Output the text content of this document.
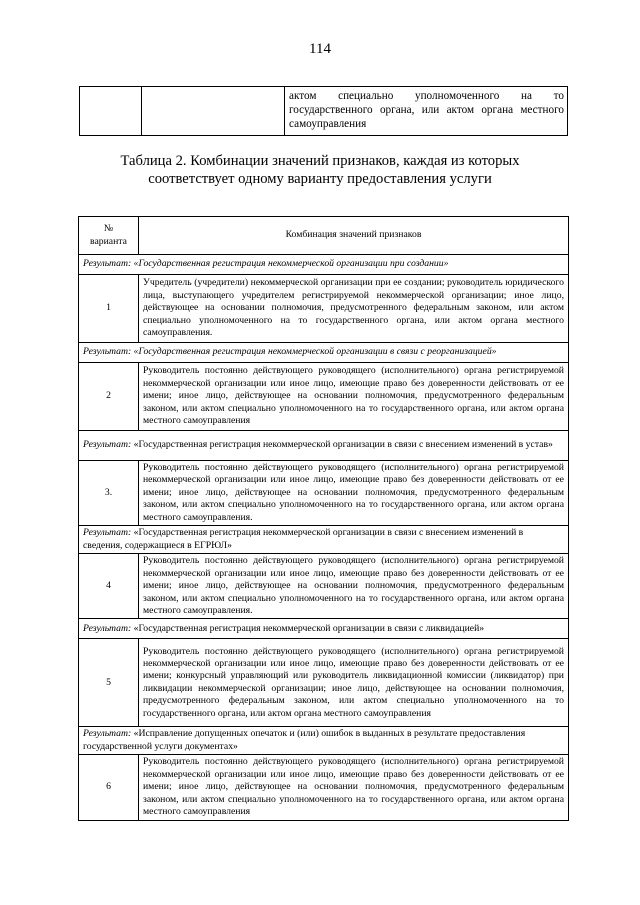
114

актом специально уполномоченного на то государственного органа, или актом органа местного самоуправления
Таблица 2. Комбинации значений признаков, каждая из которых
соответствует одному варианту предоставления услуги
№
варианта	Комбинация значений признаков
Результат: «Государственная регистрация некоммерческой организации при создании»	
1	Учредитель (учредители) некоммерческой организации при ее создании; руководитель юридического лица, выступающего учредителем регистрируемой некоммерческой организации; иное лицо, действующее на основании полномочия, предусмотренного федеральным законом, или актом специально уполномоченного на то государственного органа, или актом органа местного самоуправления.
Результат: «Государственная регистрация некоммерческой организации в связи с реорганизацией»	
2	Руководитель постоянно действующего руководящего (исполнительного) органа регистрируемой некоммерческой организации или иное лицо, имеющие право без доверенности действовать от ее имени; иное лицо, действующее на основании полномочия, предусмотренного федеральным законом, или актом специально уполномоченного на то государственного органа, или актом органа местного самоуправления
Результат: «Государственная регистрация некоммерческой организации в связи с внесением изменений в устав»	
3.	Руководитель постоянно действующего руководящего (исполнительного) органа регистрируемой некоммерческой организации или иное лицо, имеющие право без доверенности действовать от ее имени; иное лицо, действующее на основании полномочия, предусмотренного федеральным законом, или актом специально уполномоченного на то государственного органа, или актом органа местного самоуправления.
Результат: «Государственная регистрация некоммерческой организации в связи с внесением изменений в сведения, содержащиеся в ЕГРЮЛ»	
4	Руководитель постоянно действующего руководящего (исполнительного) органа регистрируемой некоммерческой организации или иное лицо, имеющие право без доверенности действовать от ее имени; иное лицо, действующее на основании полномочия, предусмотренного федеральным законом, или актом специально уполномоченного на то государственного органа, или актом органа местного самоуправления.
Результат: «Государственная регистрация некоммерческой организации в связи с ликвидацией»	
5	Руководитель постоянно действующего руководящего (исполнительного) органа регистрируемой некоммерческой организации или иное лицо, имеющие право без доверенности действовать от ее имени; конкурсный управляющий или руководитель ликвидационной комиссии (ликвидатор) при ликвидации некоммерческой организации; иное лицо, действующее на основании полномочия, предусмотренного федеральным законом, или актом специально уполномоченного на то государственного органа, или актом органа местного самоуправления
Результат: «Исправление допущенных опечаток и (или) ошибок в выданных в результате предоставления государственной услуги документах»	
6	Руководитель постоянно действующего руководящего (исполнительного) органа регистрируемой некоммерческой организации или иное лицо, имеющие право без доверенности действовать от ее имени; иное лицо, действующее на основании полномочия, предусмотренного федеральным законом, или актом специально уполномоченного на то государственного органа, или актом органа местного самоуправления
